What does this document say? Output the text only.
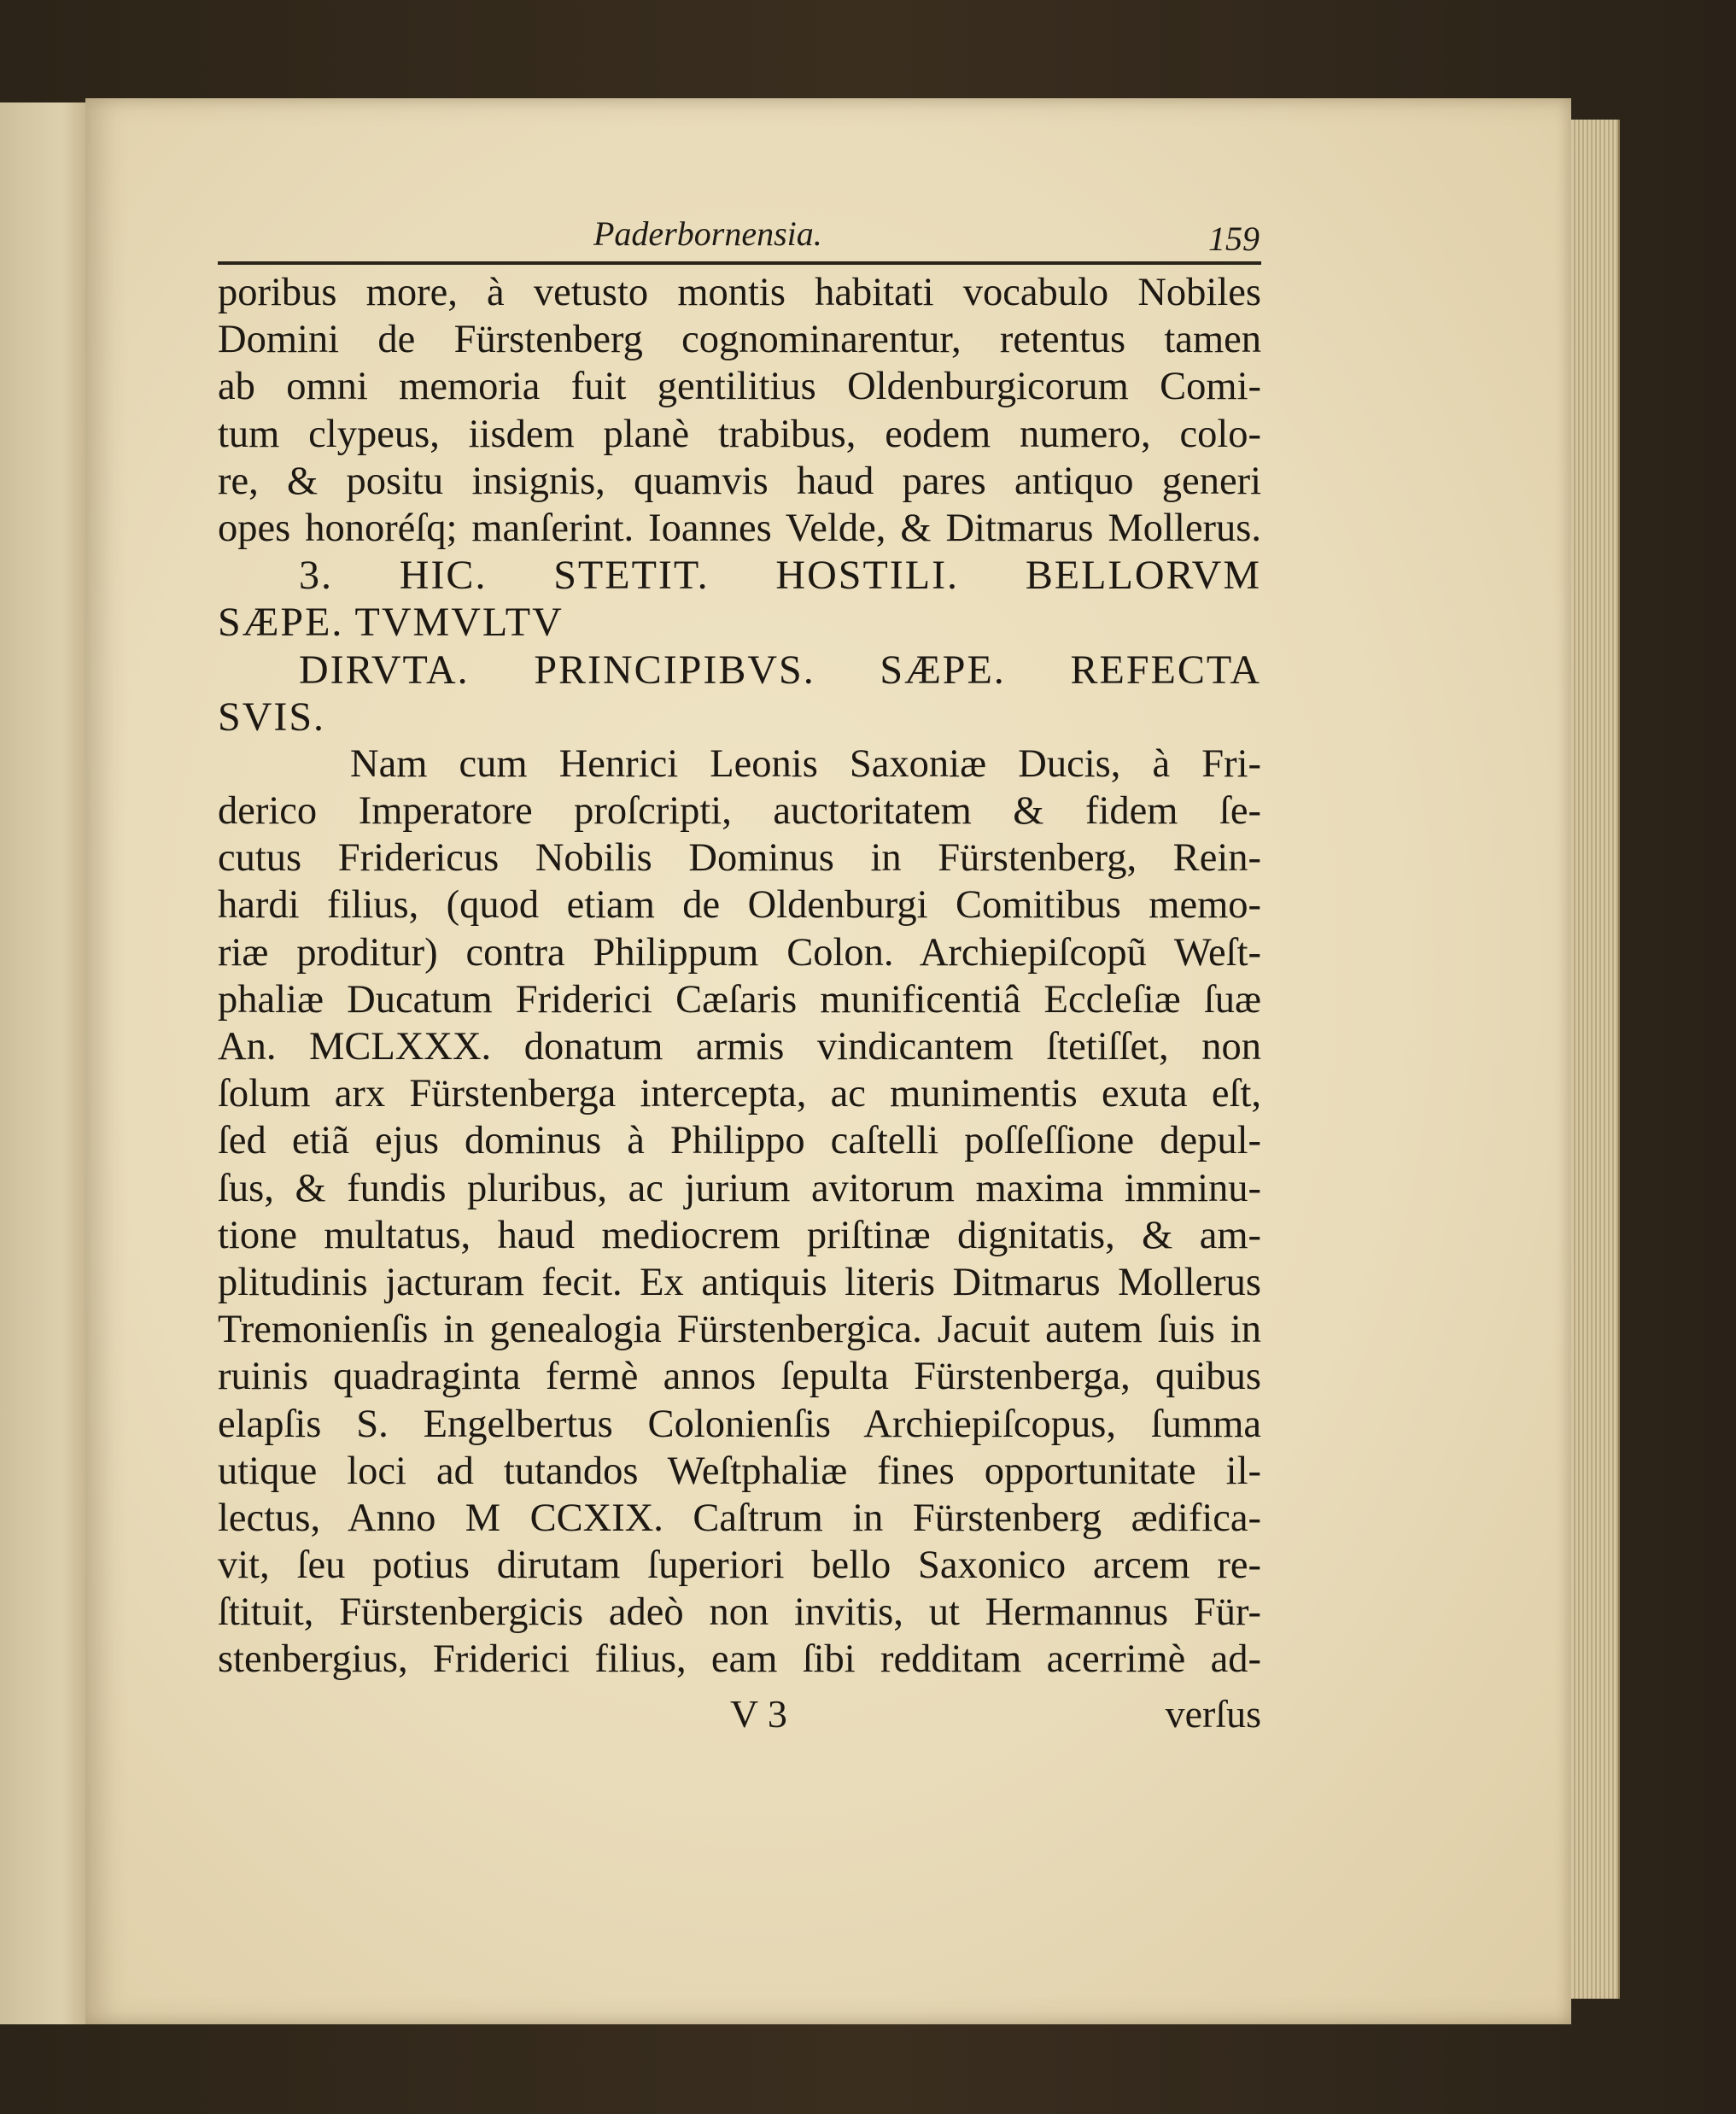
Paderbornensia.	159
poribus more, à vetusto montis habitati vocabulo Nobiles
Domini de Fürstenberg cognominarentur, retentus tamen
ab omni memoria fuit gentilitius Oldenburgicorum Comi-
tum clypeus, iisdem planè trabibus, eodem numero, colo-
re, & positu insignis, quamvis haud pares antiquo generi
opes honoréſq; manſerint. Ioannes Velde, & Ditmarus Mollerus.
3. HIC. STETIT. HOSTILI. BELLORVM
SÆPE. TVMVLTV
DIRVTA. PRINCIPIBVS. SÆPE. REFECTA
SVIS.
Nam cum Henrici Leonis Saxoniæ Ducis, à Fri-
derico Imperatore proſcripti, auctoritatem & fidem ſe-
cutus Fridericus Nobilis Dominus in Fürstenberg, Rein-
hardi filius, (quod etiam de Oldenburgi Comitibus memo-
riæ proditur) contra Philippum Colon. Archiepiſcopũ Weſt-
phaliæ Ducatum Friderici Cæſaris munificentiâ Eccleſiæ ſuæ
An. MCLXXX. donatum armis vindicantem ſtetiſſet, non
ſolum arx Fürstenberga intercepta, ac munimentis exuta eſt,
ſed etiã ejus dominus à Philippo caſtelli poſſeſſione depul-
ſus, & fundis pluribus, ac jurium avitorum maxima imminu-
tione multatus, haud mediocrem priſtinæ dignitatis, & am-
plitudinis jacturam fecit. Ex antiquis literis Ditmarus Mollerus
Tremonienſis in genealogia Fürstenbergica. Jacuit autem ſuis in
ruinis quadraginta fermè annos ſepulta Fürstenberga, quibus
elapſis S. Engelbertus Colonienſis Archiepiſcopus, ſumma
utique loci ad tutandos Weſtphaliæ fines opportunitate il-
lectus, Anno M CCXIX. Caſtrum in Fürstenberg ædifica-
vit, ſeu potius dirutam ſuperiori bello Saxonico arcem re-
ſtituit, Fürstenbergicis adeò non invitis, ut Hermannus Für-
stenbergius, Friderici filius, eam ſibi redditam acerrimè ad-
V 3	verſus
